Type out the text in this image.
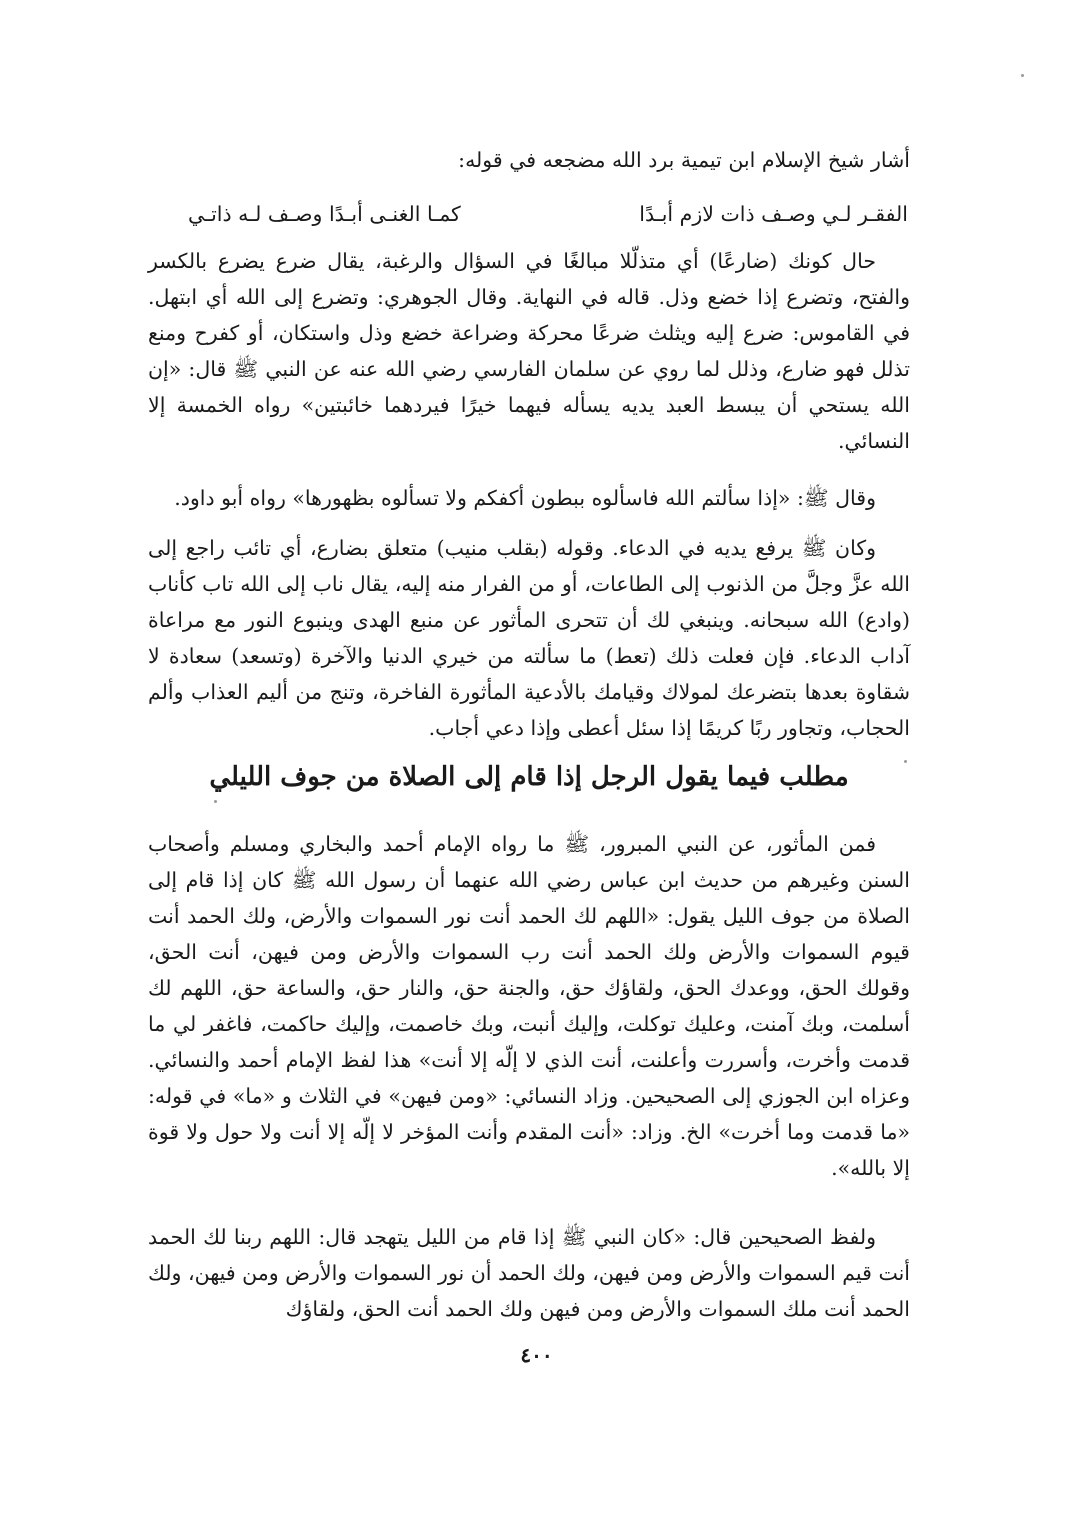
أشار شيخ الإسلام ابن تيمية برد الله مضجعه في قوله:
الفقـر لـي وصـف ذات لازم أبـدًا
كمـا الغنـى أبـدًا وصـف لـه ذاتـي

حال كونك (ضارعًا) أي متذلّلا مبالغًا في السؤال والرغبة، يقال ضرع يضرع بالكسر والفتح، وتضرع إذا خضع وذل. قاله في النهاية. وقال الجوهري: وتضرع إلى الله أي ابتهل. في القاموس: ضرع إليه ويثلث ضرعًا محركة وضراعة خضع وذل واستكان، أو كفرح ومنع تذلل فهو ضارع، وذلل لما روي عن سلمان الفارسي رضي الله عنه عن النبي ﷺ قال: «إن الله يستحي أن يبسط العبد يديه يسأله فيهما خيرًا فيردهما خائبتين» رواه الخمسة إلا النسائي.

وقال ﷺ: «إذا سألتم الله فاسألوه ببطون أكفكم ولا تسألوه بظهورها» رواه أبو داود.

وكان ﷺ يرفع يديه في الدعاء. وقوله (بقلب منيب) متعلق بضارع، أي تائب راجع إلى الله عزَّ وجلَّ من الذنوب إلى الطاعات، أو من الفرار منه إليه، يقال ناب إلى الله تاب كأناب (وادع) الله سبحانه. وينبغي لك أن تتحرى المأثور عن منبع الهدى وينبوع النور مع مراعاة آداب الدعاء. فإن فعلت ذلك (تعط) ما سألته من خيري الدنيا والآخرة (وتسعد) سعادة لا شقاوة بعدها بتضرعك لمولاك وقيامك بالأدعية المأثورة الفاخرة، وتنج من أليم العذاب وألم الحجاب، وتجاور ربًا كريمًا إذا سئل أعطى وإذا دعي أجاب.

مطلب فيما يقول الرجل إذا قام إلى الصلاة من جوف الليلي

فمن المأثور، عن النبي المبرور، ﷺ ما رواه الإمام أحمد والبخاري ومسلم وأصحاب السنن وغيرهم من حديث ابن عباس رضي الله عنهما أن رسول الله ﷺ كان إذا قام إلى الصلاة من جوف الليل يقول: «اللهم لك الحمد أنت نور السموات والأرض، ولك الحمد أنت قيوم السموات والأرض ولك الحمد أنت رب السموات والأرض ومن فيهن، أنت الحق، وقولك الحق، ووعدك الحق، ولقاؤك حق، والجنة حق، والنار حق، والساعة حق، اللهم لك أسلمت، وبك آمنت، وعليك توكلت، وإليك أنبت، وبك خاصمت، وإليك حاكمت، فاغفر لي ما قدمت وأخرت، وأسررت وأعلنت، أنت الذي لا إلّه إلا أنت» هذا لفظ الإمام أحمد والنسائي. وعزاه ابن الجوزي إلى الصحيحين. وزاد النسائي: «ومن فيهن» في الثلاث و «ما» في قوله: «ما قدمت وما أخرت» الخ. وزاد: «أنت المقدم وأنت المؤخر لا إلّه إلا أنت ولا حول ولا قوة إلا بالله».

ولفظ الصحيحين قال: «كان النبي ﷺ إذا قام من الليل يتهجد قال: اللهم ربنا لك الحمد أنت قيم السموات والأرض ومن فيهن، ولك الحمد أن نور السموات والأرض ومن فيهن، ولك الحمد أنت ملك السموات والأرض ومن فيهن ولك الحمد أنت الحق، ولقاؤك

٤٠٠
